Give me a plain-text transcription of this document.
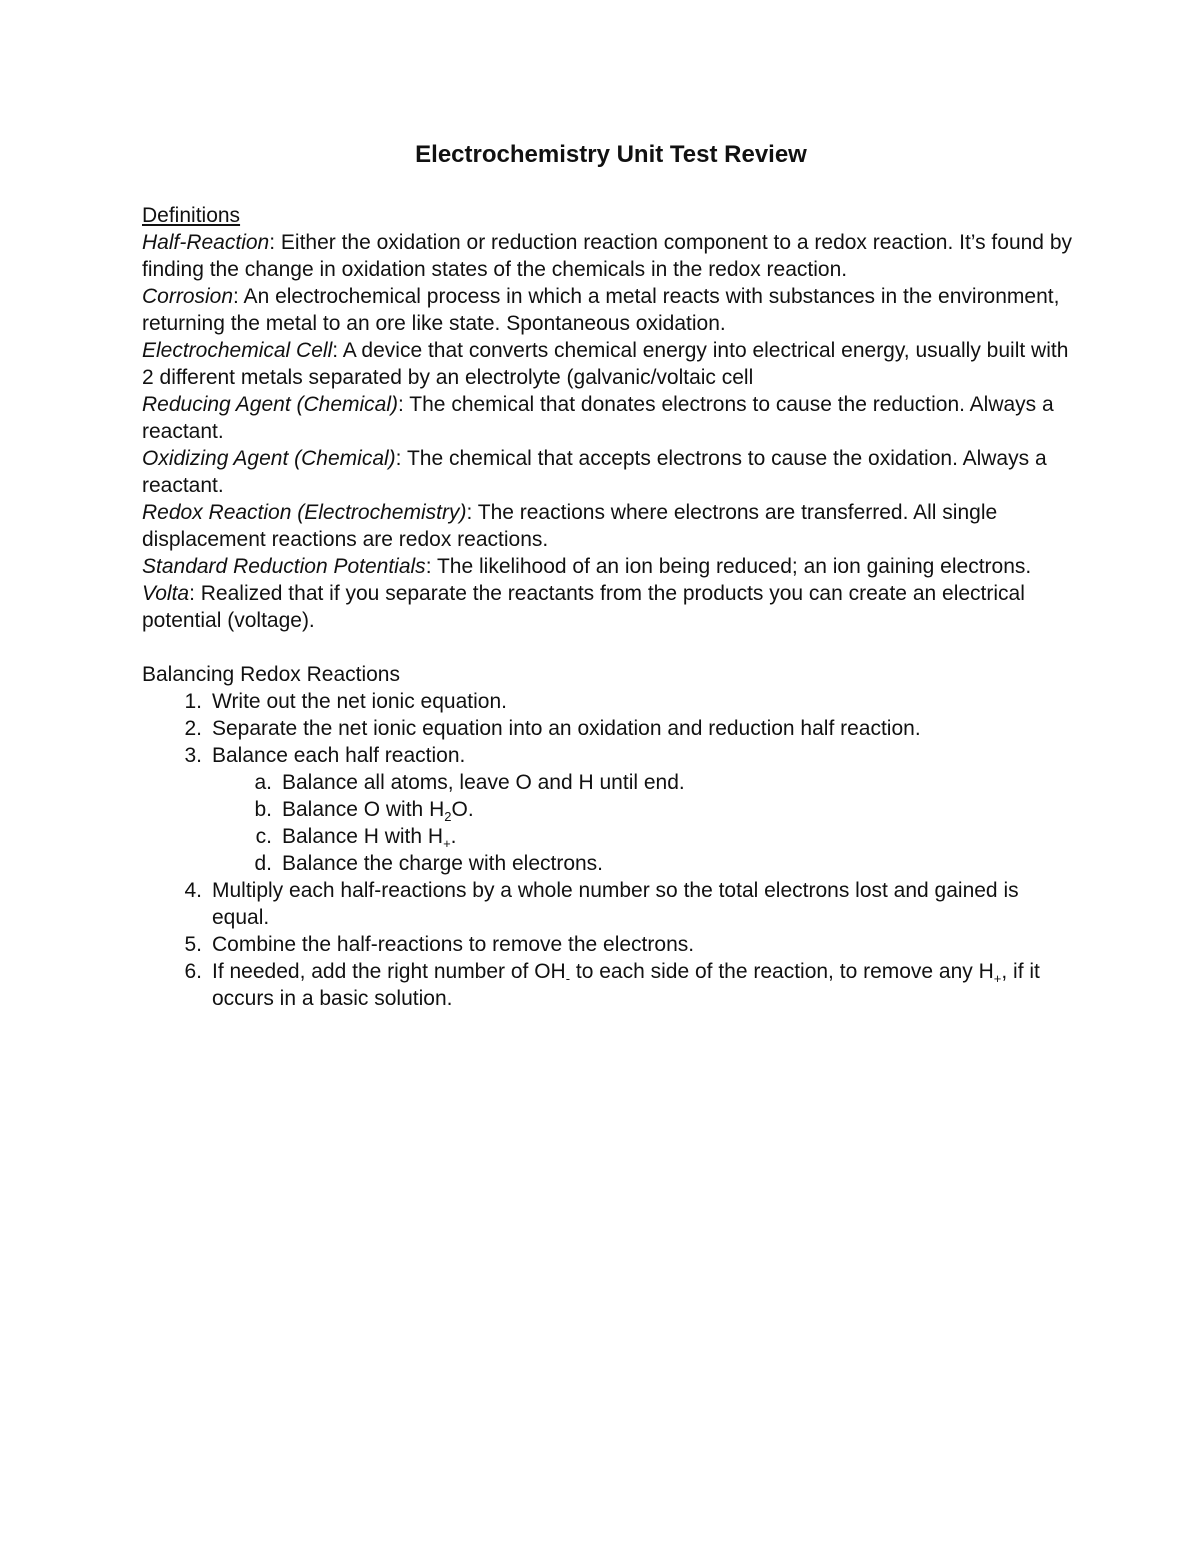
Electrochemistry Unit Test Review
Definitions
Half-Reaction: Either the oxidation or reduction reaction component to a redox reaction. It’s found by finding the change in oxidation states of the chemicals in the redox reaction.
Corrosion: An electrochemical process in which a metal reacts with substances in the environment, returning the metal to an ore like state. Spontaneous oxidation.
Electrochemical Cell: A device that converts chemical energy into electrical energy, usually built with 2 different metals separated by an electrolyte (galvanic/voltaic cell
Reducing Agent (Chemical): The chemical that donates electrons to cause the reduction. Always a reactant.
Oxidizing Agent (Chemical): The chemical that accepts electrons to cause the oxidation. Always a reactant.
Redox Reaction (Electrochemistry): The reactions where electrons are transferred. All single displacement reactions are redox reactions.
Standard Reduction Potentials: The likelihood of an ion being reduced; an ion gaining electrons.
Volta: Realized that if you separate the reactants from the products you can create an electrical potential (voltage).
Balancing Redox Reactions
1. Write out the net ionic equation.
2. Separate the net ionic equation into an oxidation and reduction half reaction.
3. Balance each half reaction.
a. Balance all atoms, leave O and H until end.
b. Balance O with $H_2O$.
c. Balance H with $H_+$.
d. Balance the charge with electrons.
4. Multiply each half-reactions by a whole number so the total electrons lost and gained is equal.
5. Combine the half-reactions to remove the electrons.
6. If needed, add the right number of $OH_-$ to each side of the reaction, to remove any $H_+$, if it occurs in a basic solution.
